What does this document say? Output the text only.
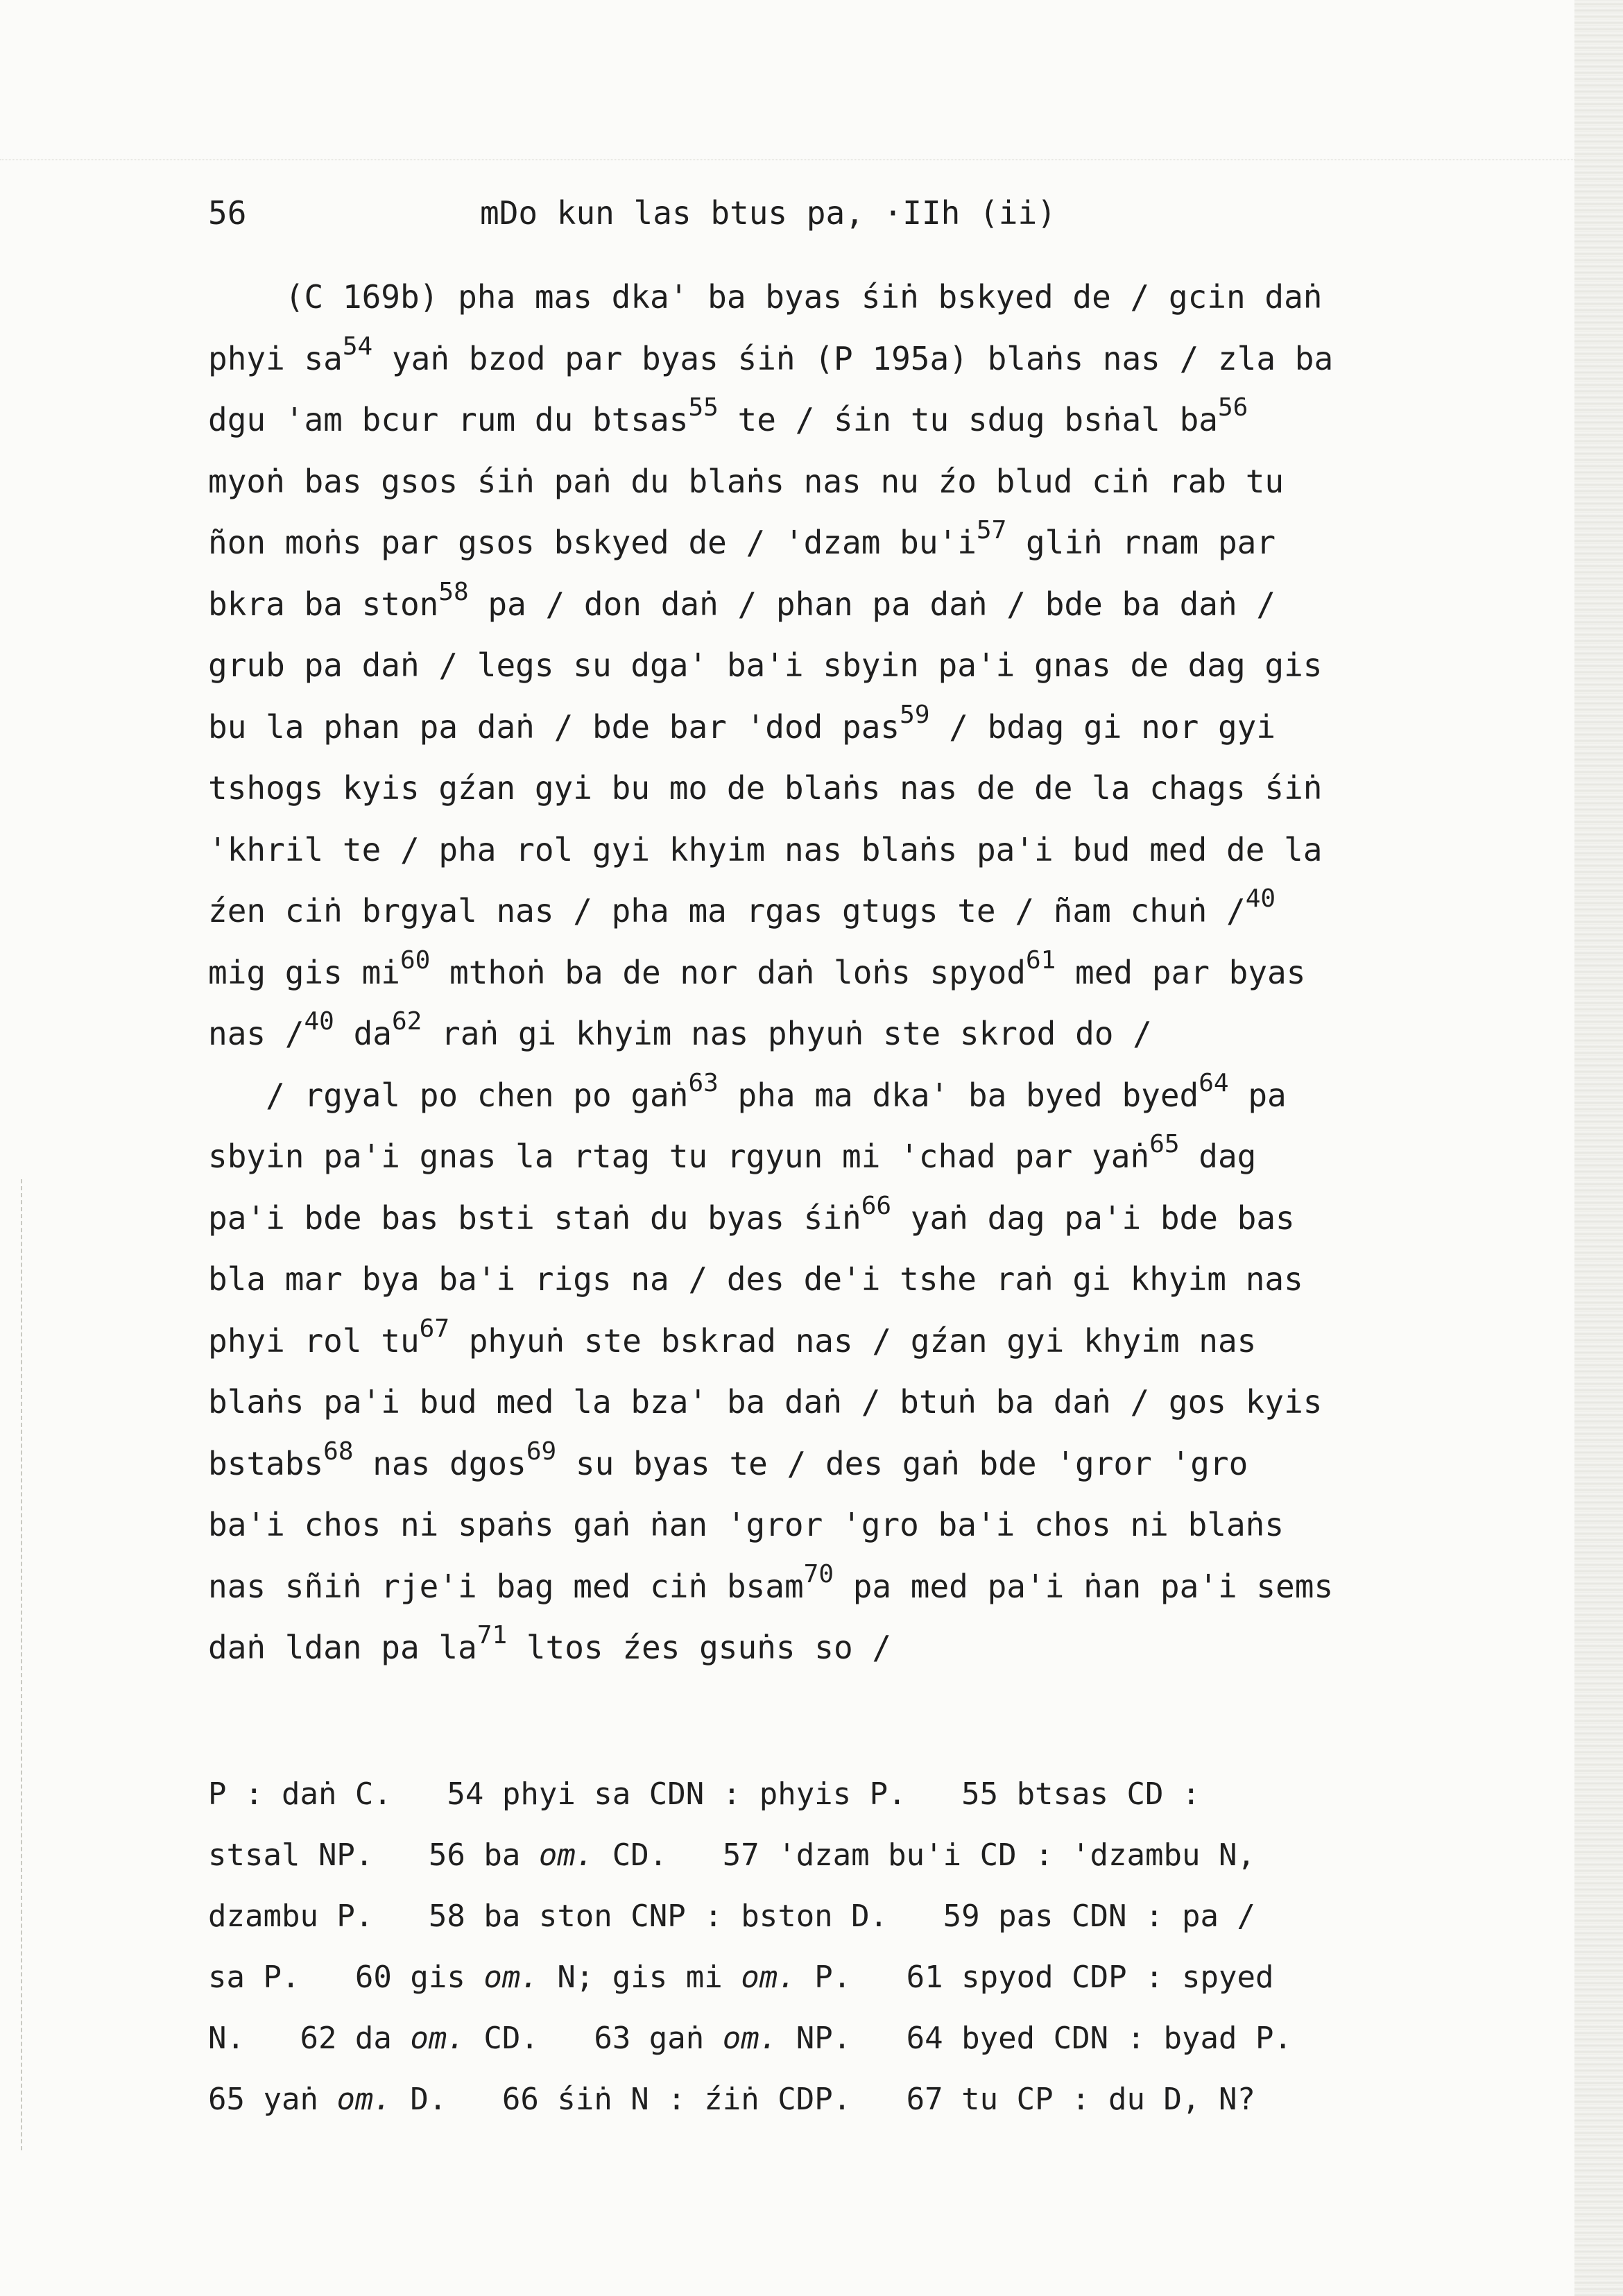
56

	mDo kun las btus pa, ·IIh (ii)

(C 169b) pha mas dka' ba byas śiṅ bskyed de / gcin daṅ
phyi $sa^{54}$ yaṅ bzod par byas śiṅ (P 195a) blaṅs nas / zla ba
dgu 'am bcur rum du btsas$^{55}$ te / śin tu sdug bsṅal $ba^{56}$
myoṅ bas gsos śiṅ paṅ du blaṅs nas nu źo blud ciṅ rab tu
ñon moṅs par gsos bskyed de / 'dzam $bu'i^{57}$ gliṅ rnam par
bkra ba ston$^{58}$ pa / don daṅ / phan pa daṅ / bde ba daṅ /
grub pa daṅ / legs su dga' ba'i sbyin pa'i gnas de dag gis
bu la phan pa daṅ / bde bar 'dod pas$^{59}$ / bdag gi nor gyi
tshogs kyis gźan gyi bu mo de blaṅs nas de de la chags śiṅ
'khril te / pha rol gyi khyim nas blaṅs pa'i bud med de la
źen ciṅ brgyal nas / pha ma rgas gtugs te / ñam chuṅ /$^{40}$
mig gis $mi^{60}$ mthoṅ ba de nor daṅ loṅs spyod$^{61}$ med par byas
nas /$^{40}$ $da^{62}$ raṅ gi khyim nas phyuṅ ste skrod do /
/ rgyal po chen po gaṅ$^{63}$ pha ma dka' ba byed byed$^{64}$ pa
sbyin pa'i gnas la rtag tu rgyun mi 'chad par yaṅ$^{65}$ dag
pa'i bde bas bsti staṅ du byas śiṅ$^{66}$ yaṅ dag pa'i bde bas
bla mar bya ba'i rigs na / des de'i tshe raṅ gi khyim nas
phyi rol $tu^{67}$ phyuṅ ste bskrad nas / gźan gyi khyim nas
blaṅs pa'i bud med la bza' ba daṅ / btuṅ ba daṅ / gos kyis
bstabs$^{68}$ nas dgos$^{69}$ su byas te / des gaṅ bde 'gror 'gro
ba'i chos ni spaṅs gaṅ ṅan 'gror 'gro ba'i chos ni blaṅs
nas sñiṅ rje'i bag med ciṅ bsam$^{70}$ pa med pa'i ṅan pa'i sems
daṅ ldan pa $la^{71}$ ltos źes gsuṅs so /
P : daṅ C.   54 phyi sa CDN : phyis P.   55 btsas CD :
stsal NP.   56 ba om. CD.   57 'dzam bu'i CD : 'dzambu N,
dzambu P.   58 ba ston CNP : bston D.   59 pas CDN : pa /
sa P.   60 gis om. N; gis mi om. P.   61 spyod CDP : spyed
N.   62 da om. CD.   63 gaṅ om. NP.   64 byed CDN : byad P.
65 yaṅ om. D.   66 śiṅ N : źiṅ CDP.   67 tu CP : du D, N?
